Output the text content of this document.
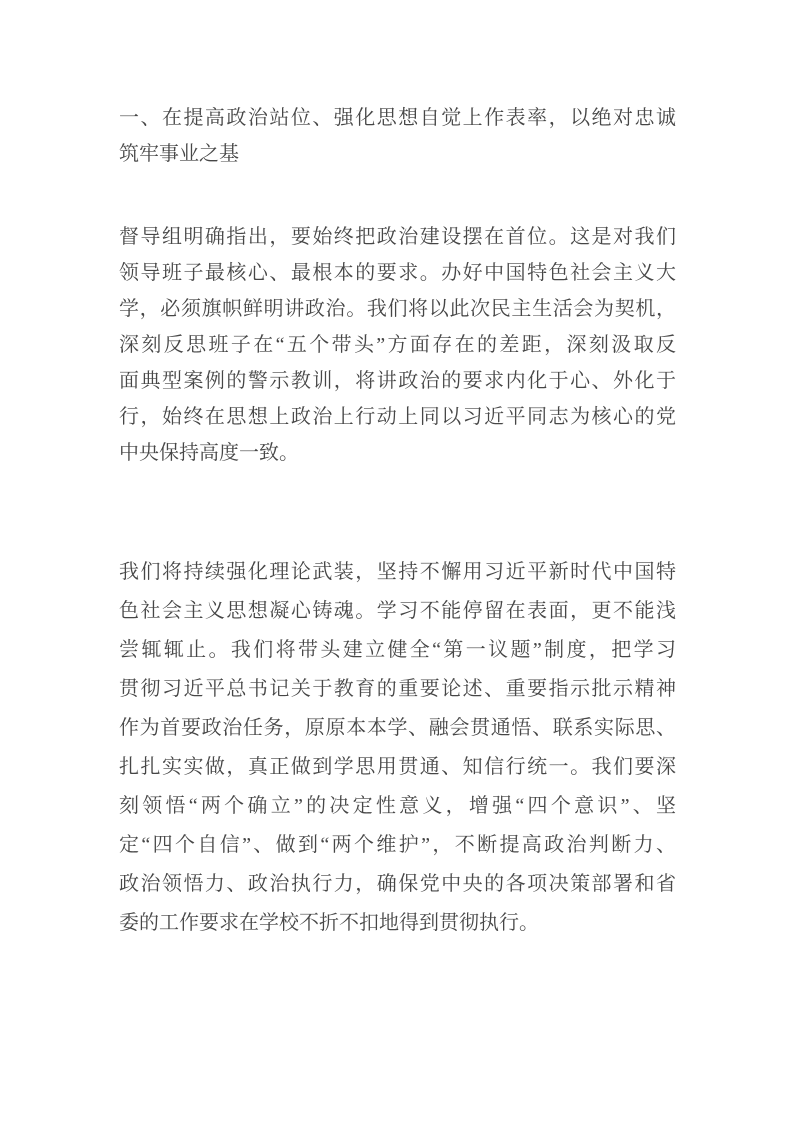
一、在提高政治站位、强化思想自觉上作表率，以绝对忠诚
筑牢事业之基
督导组明确指出，要始终把政治建设摆在首位。这是对我们
领导班子最核心、最根本的要求。办好中国特色社会主义大
学，必须旗帜鲜明讲政治。我们将以此次民主生活会为契机，
深刻反思班子在“五个带头”方面存在的差距，深刻汲取反
面典型案例的警示教训，将讲政治的要求内化于心、外化于
行，始终在思想上政治上行动上同以习近平同志为核心的党
中央保持高度一致。
我们将持续强化理论武装，坚持不懈用习近平新时代中国特
色社会主义思想凝心铸魂。学习不能停留在表面，更不能浅
尝辄辄止。我们将带头建立健全“第一议题”制度，把学习
贯彻习近平总书记关于教育的重要论述、重要指示批示精神
作为首要政治任务，原原本本学、融会贯通悟、联系实际思、
扎扎实实做，真正做到学思用贯通、知信行统一。我们要深
刻领悟“两个确立”的决定性意义，增强“四个意识”、坚
定“四个自信”、做到“两个维护”，不断提高政治判断力、
政治领悟力、政治执行力，确保党中央的各项决策部署和省
委的工作要求在学校不折不扣地得到贯彻执行。
